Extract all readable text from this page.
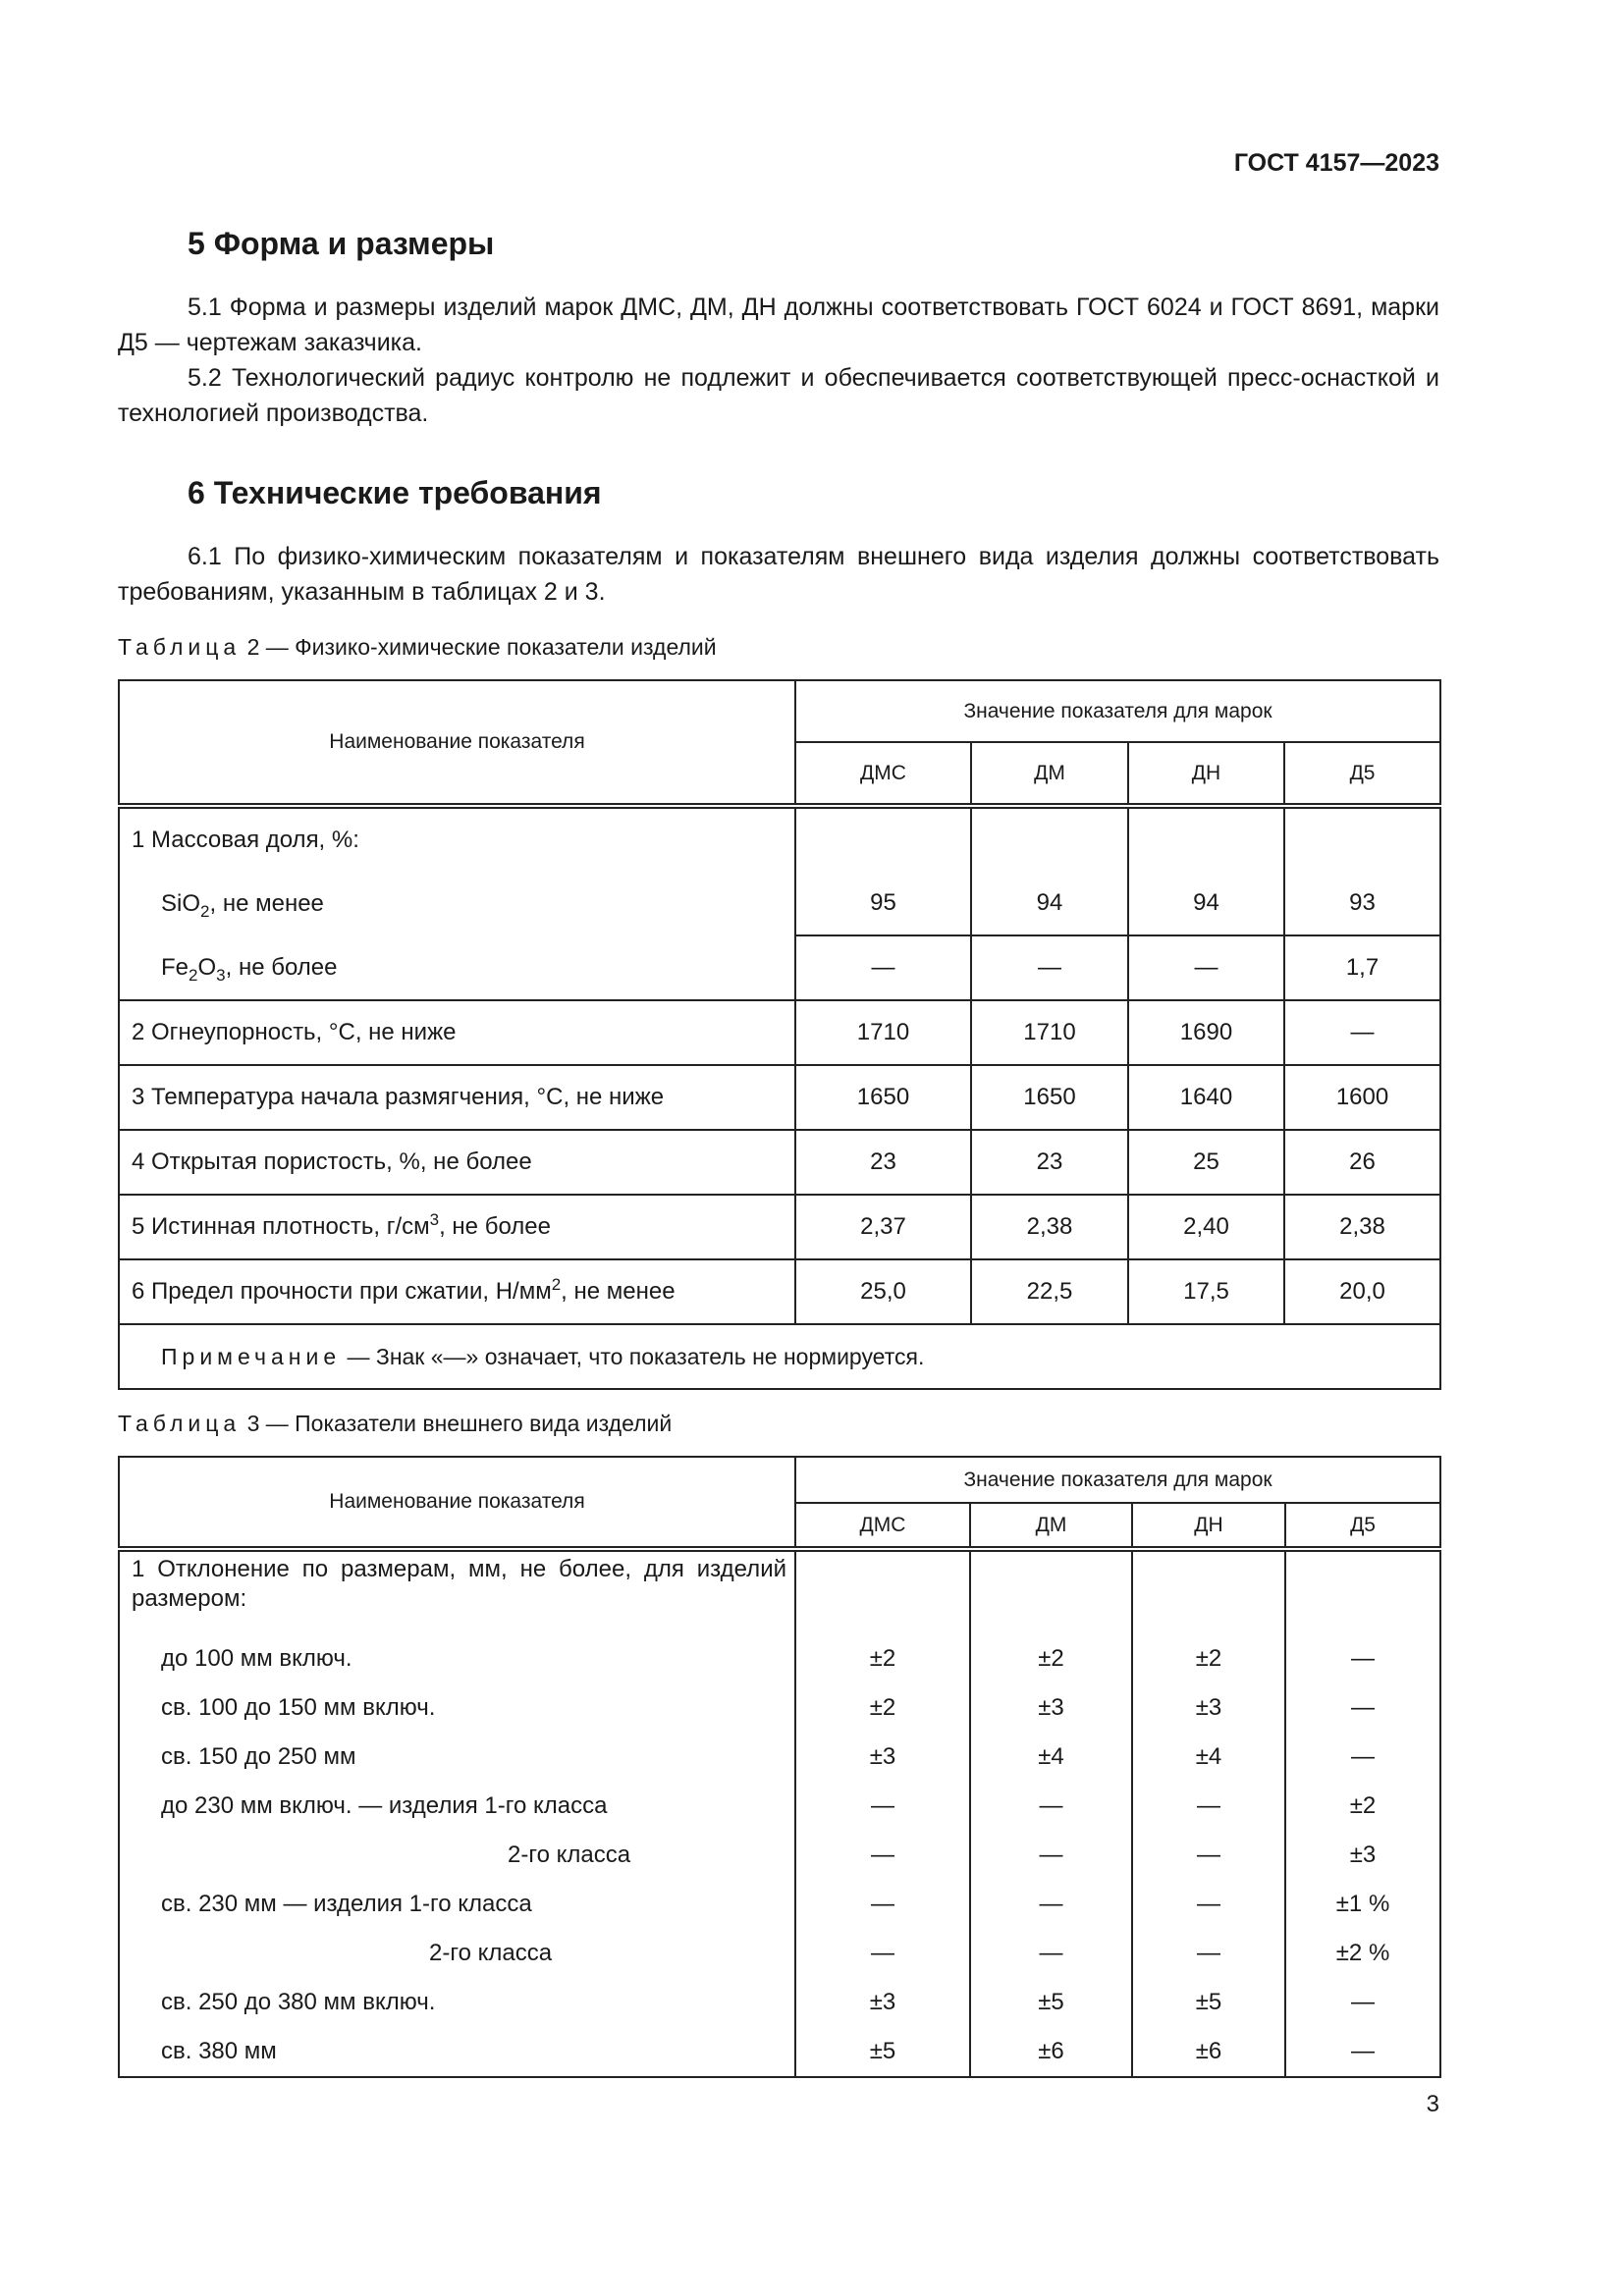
ГОСТ 4157—2023
5 Форма и размеры

5.1 Форма и размеры изделий марок ДМС, ДМ, ДН должны соответствовать ГОСТ 6024 и ГОСТ 8691, марки Д5 — чертежам заказчика.

5.2 Технологический радиус контролю не подлежит и обеспечивается соответствующей пресс-оснасткой и технологией производства.

6 Технические требования

6.1 По физико-химическим показателям и показателям внешнего вида изделия должны соответствовать требованиям, указанным в таблицах 2 и 3.

Таблица 2 — Физико-химические показатели изделий
Наименование показателя	Значение показателя для марок			
	ДМС	ДМ	ДН	Д5
1 Массовая доля, %:				
SiO$_2$, не менее	95	94	94	93
$Fe_2O_3$, не более	—	—	—	1,7
2 Огнеупорность, °С, не ниже	1710	1710	1690	—
3 Температура начала размягчения, °С, не ниже	1650	1650	1640	1600
4 Открытая пористость, %, не более	23	23	25	26
5 Истинная плотность, $г/см^3$, не более	2,37	2,38	2,40	2,38
6 Предел прочности при сжатии, $Н/мм^2$, не менее	25,0	22,5	17,5	20,0
Примечание — Знак «—» означает, что показатель не нормируется.				
Таблица 3 — Показатели внешнего вида изделий
Наименование показателя	Значение показателя для марок			
	ДМС	ДМ	ДН	Д5
1 Отклонение по размерам, мм, не более, для изделий размером:				
до 100 мм включ.	±2	±2	±2	—
св. 100 до 150 мм включ.	±2	±3	±3	—
св. 150 до 250 мм	±3	±4	±4	—
до 230 мм включ. — изделия 1-го класса	—	—	—	±2
2-го класса	—	—	—	±3
св. 230 мм — изделия 1-го класса	—	—	—	±1 %
2-го класса	—	—	—	±2 %
св. 250 до 380 мм включ.	±3	±5	±5	—
св. 380 мм	±5	±6	±6	—
3
